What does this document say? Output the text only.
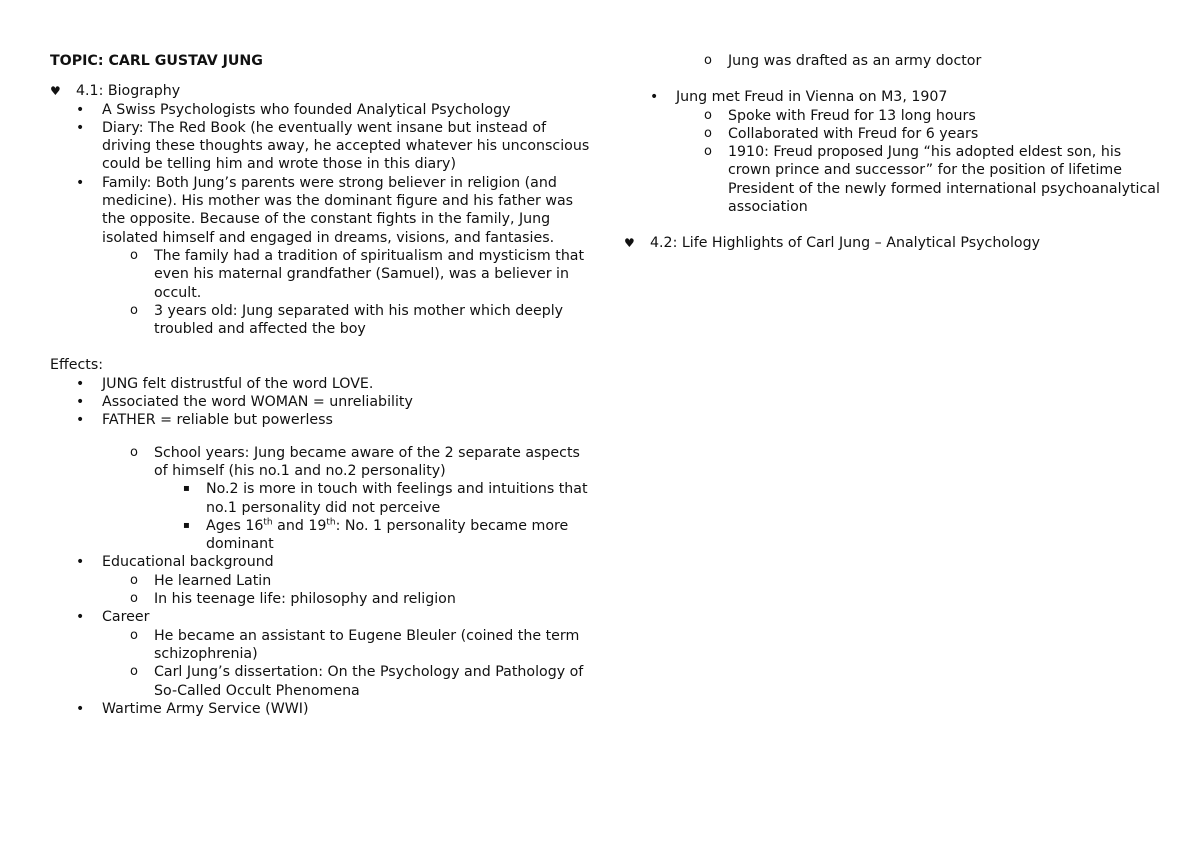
TOPIC: CARL GUSTAV JUNG
♥ 4.1: Biography
• A Swiss Psychologists who founded Analytical Psychology
• Diary: The Red Book (he eventually went insane but instead of driving these thoughts away, he accepted whatever his unconscious could be telling him and wrote those in this diary)
• Family: Both Jung’s parents were strong believer in religion (and medicine). His mother was the dominant figure and his father was the opposite. Because of the constant fights in the family, Jung isolated himself and engaged in dreams, visions, and fantasies.
o The family had a tradition of spiritualism and mysticism that even his maternal grandfather (Samuel), was a believer in occult.
o 3 years old: Jung separated with his mother which deeply troubled and affected the boy
Effects:
• JUNG felt distrustful of the word LOVE.
• Associated the word WOMAN = unreliability
• FATHER = reliable but powerless
o School years: Jung became aware of the 2 separate aspects of himself (his no.1 and no.2 personality)
▪ No.2 is more in touch with feelings and intuitions that no.1 personality did not perceive
▪ Ages 16th and 19th: No. 1 personality became more dominant
• Educational background
o He learned Latin
o In his teenage life: philosophy and religion
• Career
o He became an assistant to Eugene Bleuler (coined the term schizophrenia)
o Carl Jung’s dissertation: On the Psychology and Pathology of So-Called Occult Phenomena
• Wartime Army Service (WWI)
o Jung was drafted as an army doctor
• Jung met Freud in Vienna on M3, 1907
o Spoke with Freud for 13 long hours
o Collaborated with Freud for 6 years
o 1910: Freud proposed Jung “his adopted eldest son, his crown prince and successor” for the position of lifetime President of the newly formed international psychoanalytical association
♥ 4.2: Life Highlights of Carl Jung – Analytical Psychology
